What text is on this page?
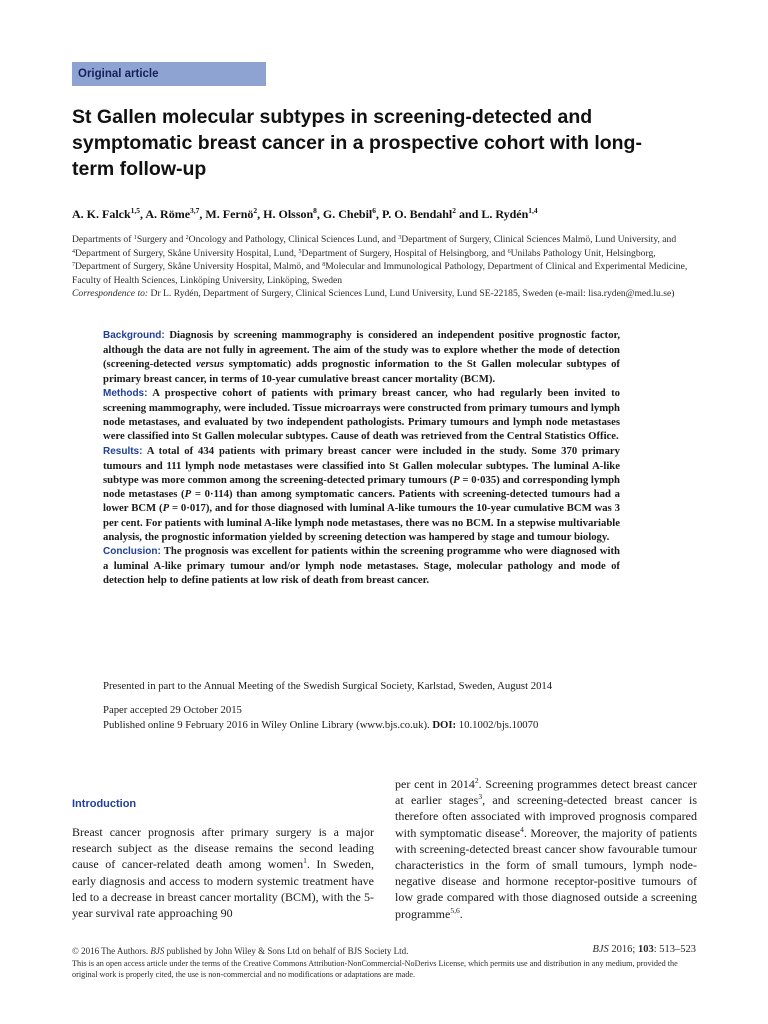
Original article
St Gallen molecular subtypes in screening-detected and symptomatic breast cancer in a prospective cohort with long-term follow-up
A. K. Falck$^{1,5}$, A. Röme$^{3,7}$, M. Fernö$^2$, H. Olsson$^8$, G. Chebil$^6$, P. O. Bendahl$^2$ and L. Rydén$^{1,4}$
Departments of $^1$Surgery and $^2$Oncology and Pathology, Clinical Sciences Lund, and $^3$Department of Surgery, Clinical Sciences Malmö, Lund University, and $^4$Department of Surgery, Skåne University Hospital, Lund, $^5$Department of Surgery, Hospital of Helsingborg, and $^6$Unilabs Pathology Unit, Helsingborg, $^7$Department of Surgery, Skåne University Hospital, Malmö, and $^8$Molecular and Immunological Pathology, Department of Clinical and Experimental Medicine, Faculty of Health Sciences, Linköping University, Linköping, Sweden
Correspondence to: Dr L. Rydén, Department of Surgery, Clinical Sciences Lund, Lund University, Lund SE-22185, Sweden (e-mail: lisa.ryden@med.lu.se)

Background: Diagnosis by screening mammography is considered an independent positive prognostic factor, although the data are not fully in agreement. The aim of the study was to explore whether the mode of detection (screening-detected versus symptomatic) adds prognostic information to the St Gallen molecular subtypes of primary breast cancer, in terms of 10-year cumulative breast cancer mortality (BCM).

Methods: A prospective cohort of patients with primary breast cancer, who had regularly been invited to screening mammography, were included. Tissue microarrays were constructed from primary tumours and lymph node metastases, and evaluated by two independent pathologists. Primary tumours and lymph node metastases were classified into St Gallen molecular subtypes. Cause of death was retrieved from the Central Statistics Office.

Results: A total of 434 patients with primary breast cancer were included in the study. Some 370 primary tumours and 111 lymph node metastases were classified into St Gallen molecular subtypes. The luminal A-like subtype was more common among the screening-detected primary tumours (P = 0·035) and corresponding lymph node metastases (P = 0·114) than among symptomatic cancers. Patients with screening-detected tumours had a lower BCM (P = 0·017), and for those diagnosed with luminal A-like tumours the 10-year cumulative BCM was 3 per cent. For patients with luminal A-like lymph node metastases, there was no BCM. In a stepwise multivariable analysis, the prognostic information yielded by screening detection was hampered by stage and tumour biology.

Conclusion: The prognosis was excellent for patients within the screening programme who were diagnosed with a luminal A-like primary tumour and/or lymph node metastases. Stage, molecular pathology and mode of detection help to define patients at low risk of death from breast cancer.

Presented in part to the Annual Meeting of the Swedish Surgical Society, Karlstad, Sweden, August 2014
Paper accepted 29 October 2015
Published online 9 February 2016 in Wiley Online Library (www.bjs.co.uk). DOI: 10.1002/bjs.10070
Introduction
Breast cancer prognosis after primary surgery is a major research subject as the disease remains the second leading cause of cancer-related death among women$^1$. In Sweden, early diagnosis and access to modern systemic treatment have led to a decrease in breast cancer mortality (BCM), with the 5-year survival rate approaching 90
per cent in 2014$^2$. Screening programmes detect breast cancer at earlier stages$^3$, and screening-detected breast cancer is therefore often associated with improved prognosis compared with symptomatic disease$^4$. Moreover, the majority of patients with screening-detected breast cancer show favourable tumour characteristics in the form of small tumours, lymph node-negative disease and hormone receptor-positive tumours of low grade compared with those diagnosed outside a screening programme$^{5,6}$.
© 2016 The Authors. BJS published by John Wiley & Sons Ltd on behalf of BJS Society Ltd.	BJS 2016; 103: 513–523
This is an open access article under the terms of the Creative Commons Attribution-NonCommercial-NoDerivs License, which permits use and distribution in any medium, provided the original work is properly cited, the use is non-commercial and no modifications or adaptations are made.
